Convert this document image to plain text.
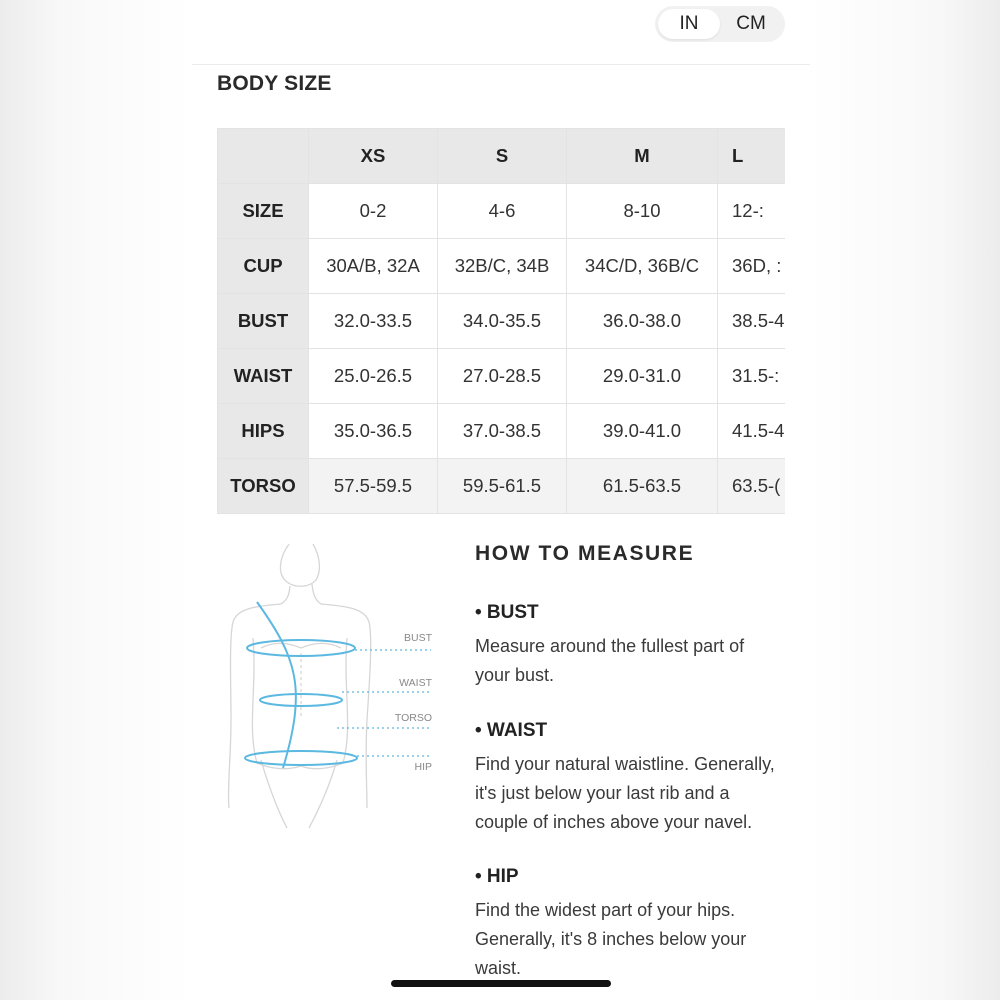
IN	CM
BODY SIZE
	XS	S	M	L
SIZE	0-2	4-6	8-10	12-:
CUP	30A/B, 32A	32B/C, 34B	34C/D, 36B/C	36D, :
BUST	32.0-33.5	34.0-35.5	36.0-38.0	38.5-4
WAIST	25.0-26.5	27.0-28.5	29.0-31.0	31.5-:
HIPS	35.0-36.5	37.0-38.5	39.0-41.0	41.5-4
TORSO	57.5-59.5	59.5-61.5	61.5-63.5	63.5-(
BUST
WAIST
TORSO
HIP
HOW TO MEASURE
• BUST
Measure around the fullest part of
your bust.
• WAIST
Find your natural waistline. Generally,
it's just below your last rib and a
couple of inches above your navel.
• HIP
Find the widest part of your hips.
Generally, it's 8 inches below your
waist.
